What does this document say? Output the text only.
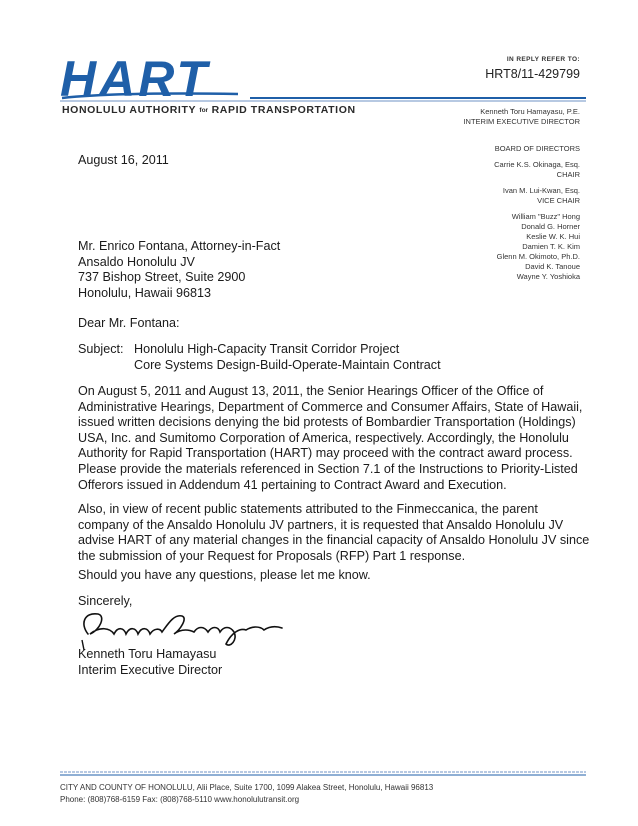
HART
HONOLULU AUTHORITY for RAPID TRANSPORTATION
IN REPLY REFER TO:
HRT8/11-429799
Kenneth Toru Hamayasu, P.E.
INTERIM EXECUTIVE DIRECTOR
BOARD OF DIRECTORS
Carrie K.S. Okinaga, Esq.
CHAIR
Ivan M. Lui-Kwan, Esq.
VICE CHAIR
William "Buzz" Hong
Donald G. Horner
Keslie W. K. Hui
Damien T. K. Kim
Glenn M. Okimoto, Ph.D.
David K. Tanoue
Wayne Y. Yoshioka
August 16, 2011
Mr. Enrico Fontana, Attorney-in-Fact
Ansaldo Honolulu JV
737 Bishop Street, Suite 2900
Honolulu, Hawaii 96813
Dear Mr. Fontana:
Subject: Honolulu High-Capacity Transit Corridor Project
Core Systems Design-Build-Operate-Maintain Contract
On August 5, 2011 and August 13, 2011, the Senior Hearings Officer of the Office of
Administrative Hearings, Department of Commerce and Consumer Affairs, State of Hawaii,
issued written decisions denying the bid protests of Bombardier Transportation (Holdings)
USA, Inc. and Sumitomo Corporation of America, respectively. Accordingly, the Honolulu
Authority for Rapid Transportation (HART) may proceed with the contract award process.
Please provide the materials referenced in Section 7.1 of the Instructions to Priority-Listed
Offerors issued in Addendum 41 pertaining to Contract Award and Execution.
Also, in view of recent public statements attributed to the Finmeccanica, the parent
company of the Ansaldo Honolulu JV partners, it is requested that Ansaldo Honolulu JV
advise HART of any material changes in the financial capacity of Ansaldo Honolulu JV since
the submission of your Request for Proposals (RFP) Part 1 response.
Should you have any questions, please let me know.
Sincerely,
Kenneth Toru Hamayasu
Interim Executive Director
CITY AND COUNTY OF HONOLULU, Alii Place, Suite 1700, 1099 Alakea Street, Honolulu, Hawaii 96813
Phone: (808)768-6159 Fax: (808)768-5110 www.honolulutransit.org
